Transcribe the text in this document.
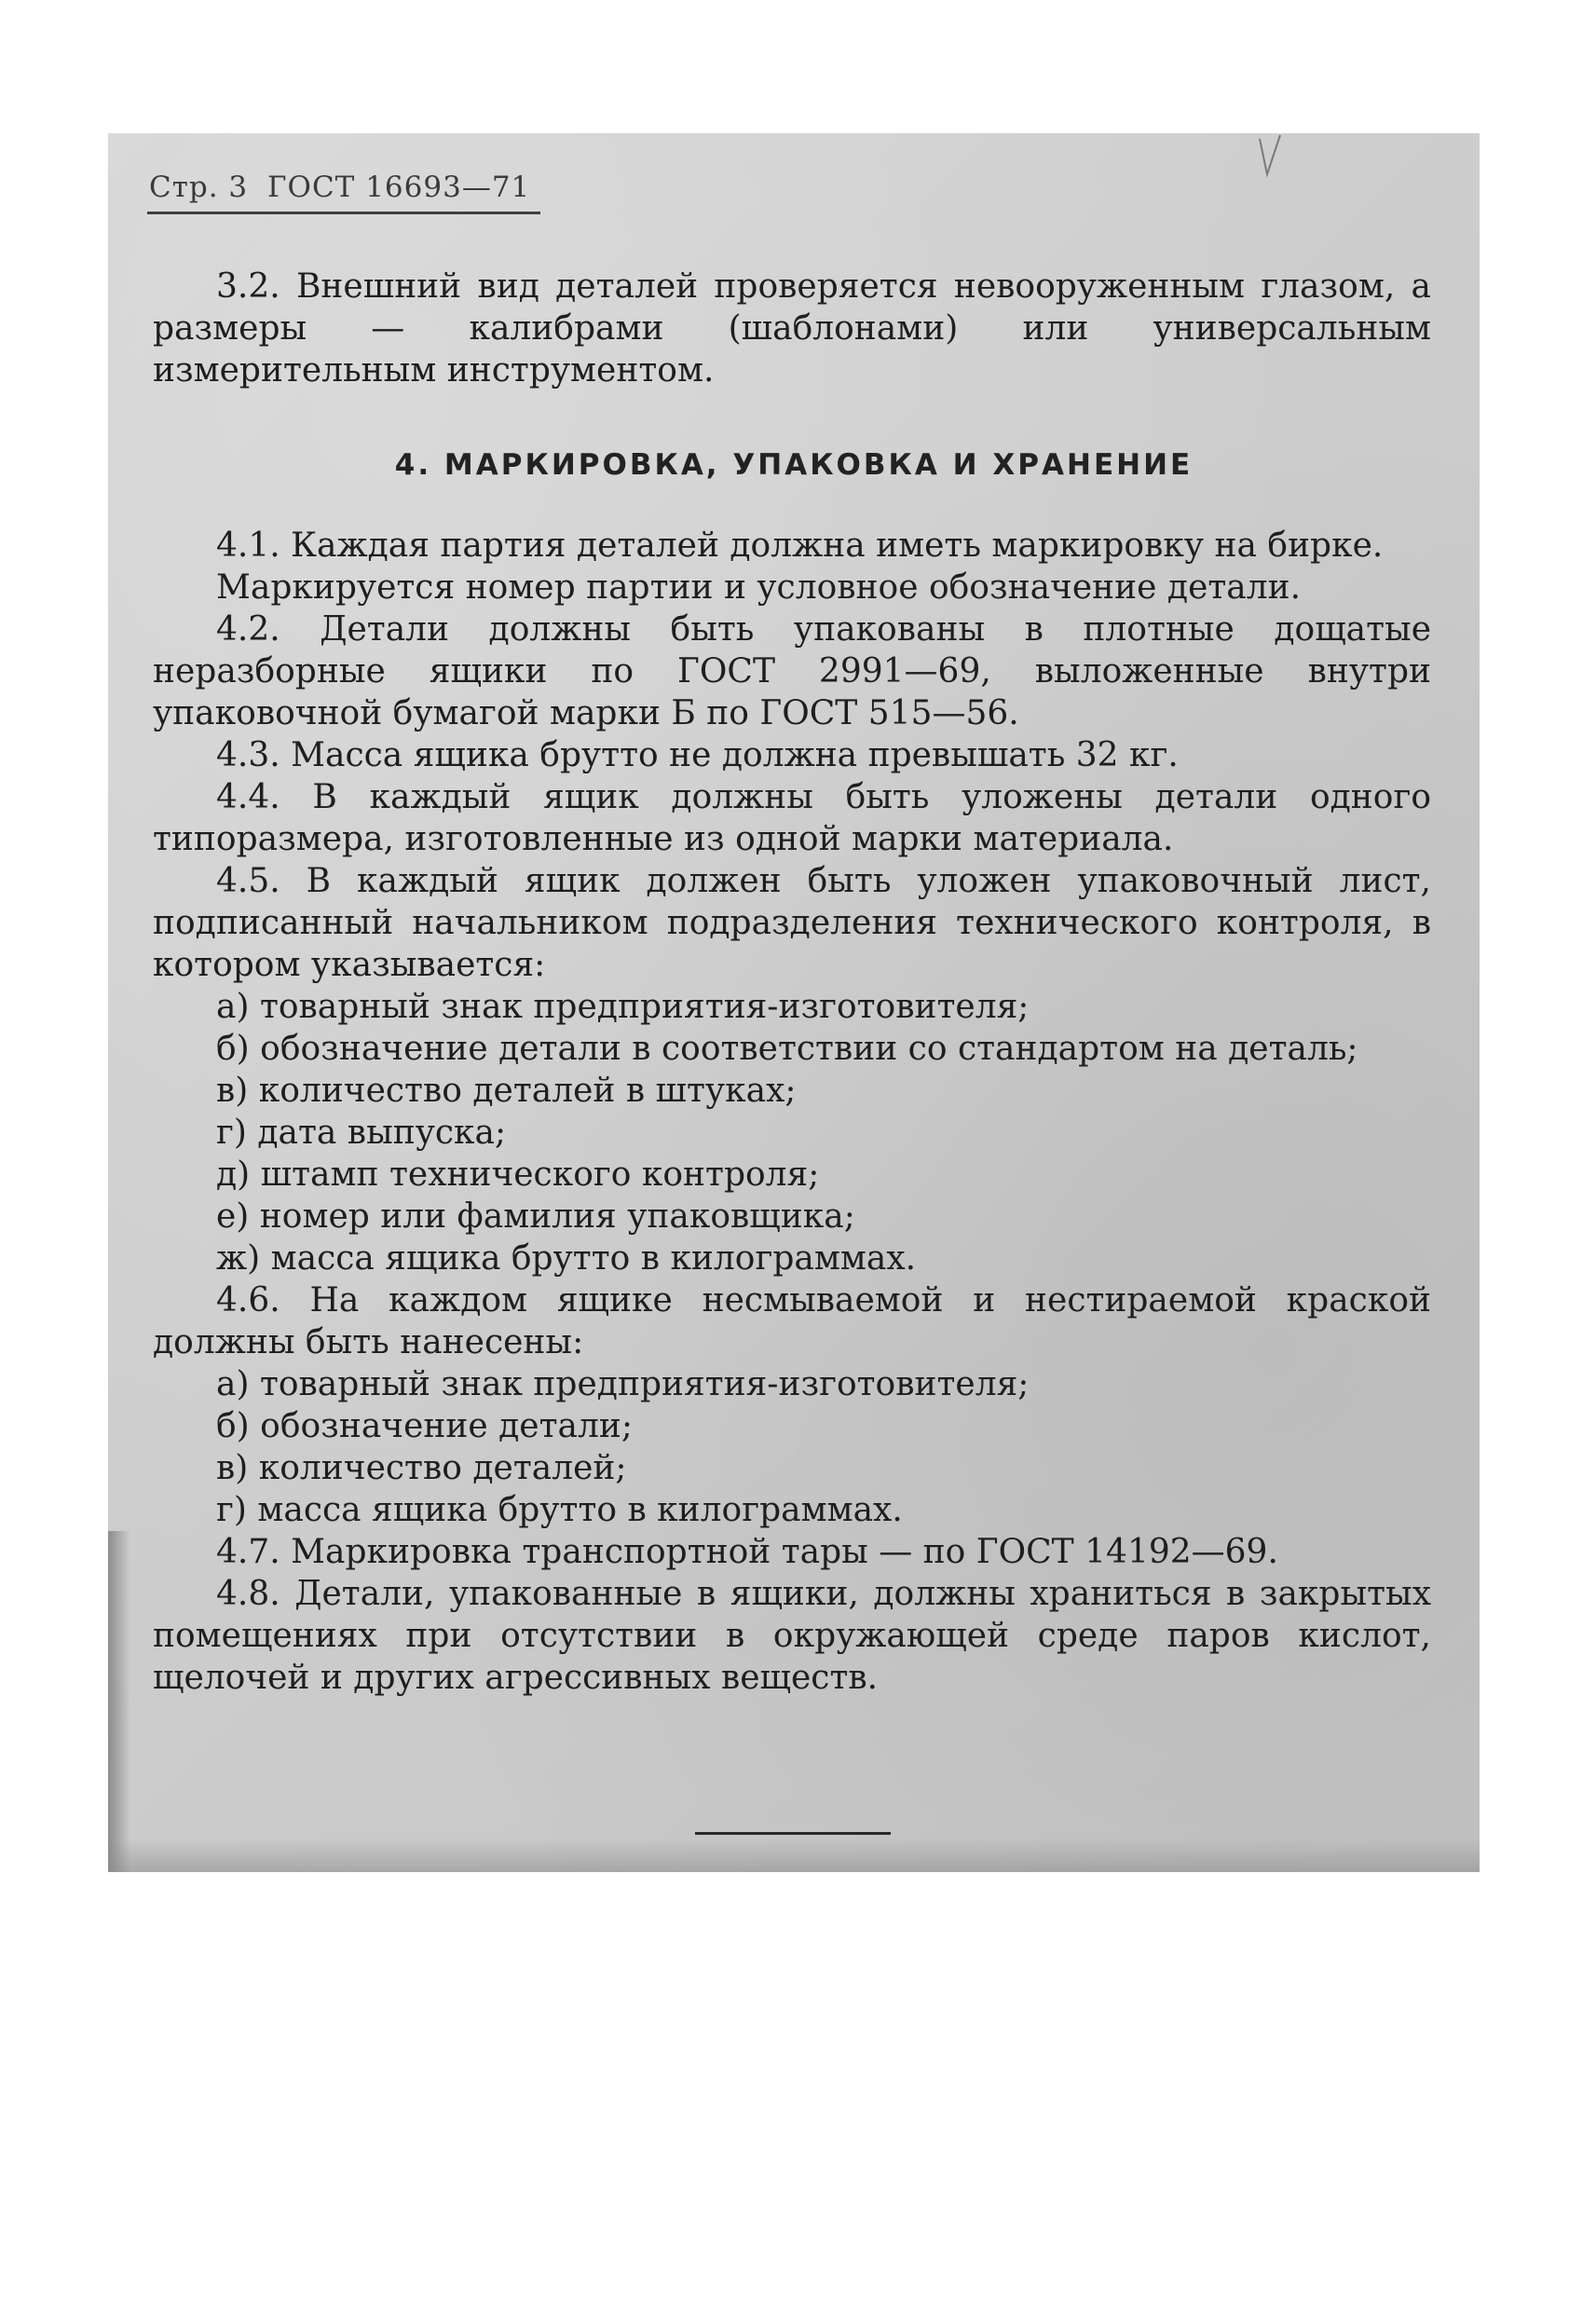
Стр. 3 ГОСТ 16693—71

3.2. Внешний вид деталей проверяется невооруженным глазом, а размеры — калибрами (шаблонами) или универсальным измерительным инструментом.

4. МАРКИРОВКА, УПАКОВКА И ХРАНЕНИЕ

4.1. Каждая партия деталей должна иметь маркировку на бирке.

Маркируется номер партии и условное обозначение детали.

4.2. Детали должны быть упакованы в плотные дощатые неразборные ящики по ГОСТ 2991—69, выложенные внутри упаковочной бумагой марки Б по ГОСТ 515—56.

4.3. Масса ящика брутто не должна превышать 32 кг.

4.4. В каждый ящик должны быть уложены детали одного типоразмера, изготовленные из одной марки материала.

4.5. В каждый ящик должен быть уложен упаковочный лист, подписанный начальником подразделения технического контроля, в котором указывается:

а) товарный знак предприятия-изготовителя;

б) обозначение детали в соответствии со стандартом на деталь;

в) количество деталей в штуках;

г) дата выпуска;

д) штамп технического контроля;

е) номер или фамилия упаковщика;

ж) масса ящика брутто в килограммах.

4.6. На каждом ящике несмываемой и нестираемой краской должны быть нанесены:

а) товарный знак предприятия-изготовителя;

б) обозначение детали;

в) количество деталей;

г) масса ящика брутто в килограммах.

4.7. Маркировка транспортной тары — по ГОСТ 14192—69.

4.8. Детали, упакованные в ящики, должны храниться в закрытых помещениях при отсутствии в окружающей среде паров кислот, щелочей и других агрессивных веществ.
